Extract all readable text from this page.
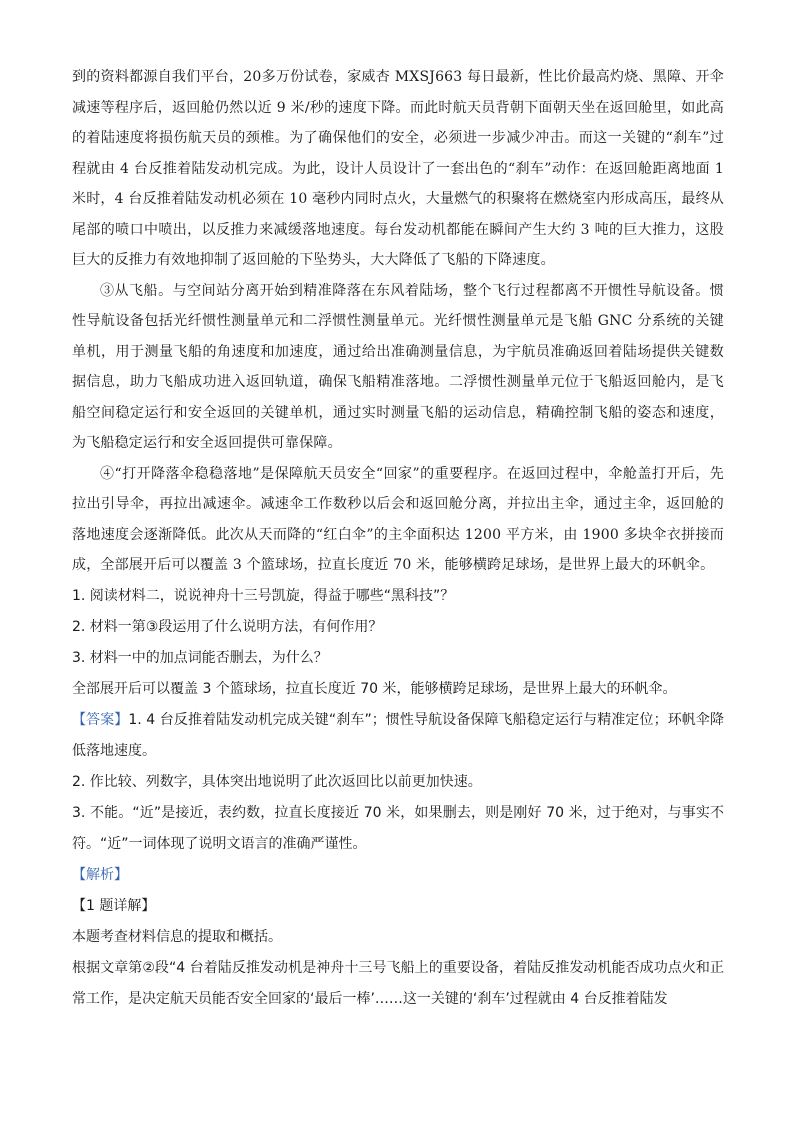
到的资料都源自我们平台，20多万份试卷，家威杏 MXSJ663 每日最新，性比价最高灼烧、黑障、开伞减速等程序后，返回舱仍然以近 9 米/秒的速度下降。而此时航天员背朝下面朝天坐在返回舱里，如此高的着陆速度将损伤航天员的颈椎。为了确保他们的安全，必须进一步减少冲击。而这一关键的“刹车”过程就由 4 台反推着陆发动机完成。为此，设计人员设计了一套出色的“刹车”动作：在返回舱距离地面 1 米时，4 台反推着陆发动机必须在 10 毫秒内同时点火，大量燃气的积聚将在燃烧室内形成高压，最终从尾部的喷口中喷出，以反推力来减缓落地速度。每台发动机都能在瞬间产生大约 3 吨的巨大推力，这股巨大的反推力有效地抑制了返回舱的下坠势头，大大降低了飞船的下降速度。

③从飞船。与空间站分离开始到精准降落在东风着陆场，整个飞行过程都离不开惯性导航设备。惯性导航设备包括光纤惯性测量单元和二浮惯性测量单元。光纤惯性测量单元是飞船 GNC 分系统的关键单机，用于测量飞船的角速度和加速度，通过给出准确测量信息，为宇航员准确返回着陆场提供关键数据信息，助力飞船成功进入返回轨道，确保飞船精准落地。二浮惯性测量单元位于飞船返回舱内，是飞船空间稳定运行和安全返回的关键单机，通过实时测量飞船的运动信息，精确控制飞船的姿态和速度，为飞船稳定运行和安全返回提供可靠保障。

④“打开降落伞稳稳落地”是保障航天员安全“回家”的重要程序。在返回过程中，伞舱盖打开后，先拉出引导伞，再拉出减速伞。减速伞工作数秒以后会和返回舱分离，并拉出主伞，通过主伞，返回舱的落地速度会逐渐降低。此次从天而降的“红白伞”的主伞面积达 1200 平方米，由 1900 多块伞衣拼接而成，全部展开后可以覆盖 3 个篮球场，拉直长度近 70 米，能够横跨足球场，是世界上最大的环帆伞。

1. 阅读材料二，说说神舟十三号凯旋，得益于哪些“黑科技”？

2. 材料一第③段运用了什么说明方法，有何作用？

3. 材料一中的加点词能否删去，为什么？

全部展开后可以覆盖 3 个篮球场，拉直长度近 70 米，能够横跨足球场，是世界上最大的环帆伞。

【答案】1. 4 台反推着陆发动机完成关键“刹车”；惯性导航设备保障飞船稳定运行与精准定位；环帆伞降低落地速度。

2. 作比较、列数字，具体突出地说明了此次返回比以前更加快速。

3. 不能。“近”是接近，表约数，拉直长度接近 70 米，如果删去，则是刚好 70 米，过于绝对，与事实不符。“近”一词体现了说明文语言的准确严谨性。

【解析】

【1 题详解】

本题考查材料信息的提取和概括。

根据文章第②段“4 台着陆反推发动机是神舟十三号飞船上的重要设备，着陆反推发动机能否成功点火和正常工作，是决定航天员能否安全回家的‘最后一棒’……这一关键的‘刹车’过程就由 4 台反推着陆发
